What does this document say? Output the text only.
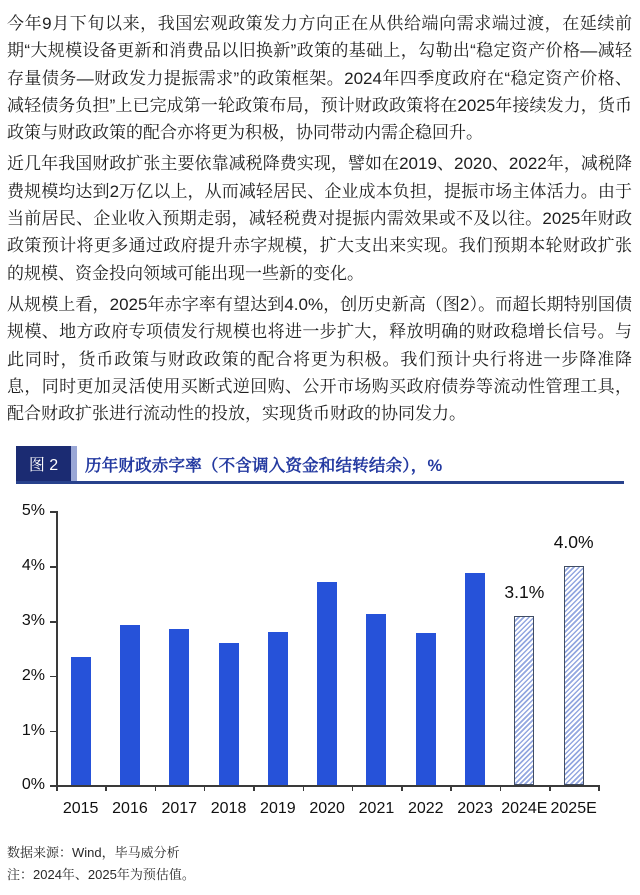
今年9月下旬以来，我国宏观政策发力方向正在从供给端向需求端过渡，在延续前期“大规模设备更新和消费品以旧换新”政策的基础上，勾勒出“稳定资产价格—减轻存量债务—财政发力提振需求”的政策框架。2024年四季度政府在“稳定资产价格、减轻债务负担”上已完成第一轮政策布局，预计财政政策将在2025年接续发力，货币政策与财政政策的配合亦将更为积极，协同带动内需企稳回升。

近几年我国财政扩张主要依靠减税降费实现，譬如在2019、2020、2022年，减税降费规模均达到2万亿以上，从而减轻居民、企业成本负担，提振市场主体活力。由于当前居民、企业收入预期走弱，减轻税费对提振内需效果或不及以往。2025年财政政策预计将更多通过政府提升赤字规模，扩大支出来实现。我们预期本轮财政扩张的规模、资金投向领域可能出现一些新的变化。

从规模上看，2025年赤字率有望达到4.0%，创历史新高（图2）。而超长期特别国债规模、地方政府专项债发行规模也将进一步扩大，释放明确的财政稳增长信号。与此同时，货币政策与财政政策的配合将更为积极。我们预计央行将进一步降准降息，同时更加灵活使用买断式逆回购、公开市场购买政府债券等流动性管理工具，配合财政扩张进行流动性的投放，实现货币财政的协同发力。

图 2	历年财政赤字率（不含调入资金和结转结余），%
0%
1%
2%
3%
4%
5%
2015 2016 2017 2018 2019 2020 2021 2022 2023 2024E
3.1%
2025E
4.0%
数据来源：Wind，毕马威分析
注：2024年、2025年为预估值。
